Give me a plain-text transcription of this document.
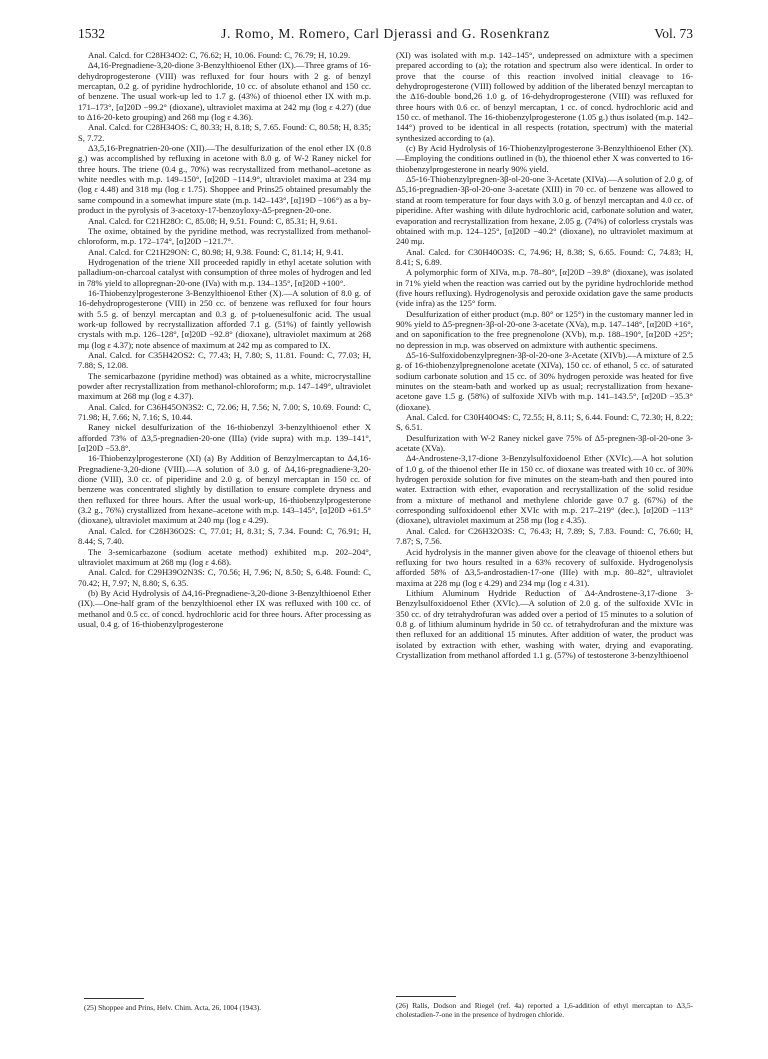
1532	J. Romo, M. Romero, Carl Djerassi and G. Rosenkranz	Vol. 73

Anal. Calcd. for C28H34O2: C, 76.62; H, 10.06. Found: C, 76.79; H, 10.29.

Δ4,16-Pregnadiene-3,20-dione 3-Benzylthioenol Ether (IX).—Three grams of 16-dehydroprogesterone (VIII) was refluxed for four hours with 2 g. of benzyl mercaptan, 0.2 g. of pyridine hydrochloride, 10 cc. of absolute ethanol and 150 cc. of benzene. The usual work-up led to 1.7 g. (43%) of thioenol ether IX with m.p. 171–173°, [α]20D −99.2° (dioxane), ultraviolet maxima at 242 mμ (log ε 4.27) (due to Δ16-20-keto grouping) and 268 mμ (log ε 4.36).

Anal. Calcd. for C28H34OS: C, 80.33; H, 8.18; S, 7.65. Found: C, 80.58; H, 8.35; S, 7.72.

Δ3,5,16-Pregnatrien-20-one (XII).—The desulfurization of the enol ether IX (0.8 g.) was accomplished by refluxing in acetone with 8.0 g. of W-2 Raney nickel for three hours. The triene (0.4 g., 70%) was recrystallized from methanol–acetone as white needles with m.p. 149–150°, [α]20D −114.9°, ultraviolet maxima at 234 mμ (log ε 4.48) and 318 mμ (log ε 1.75). Shoppee and Prins25 obtained presumably the same compound in a somewhat impure state (m.p. 142–143°, [α]19D −106°) as a by-product in the pyrolysis of 3-acetoxy-17-benzoyloxy-Δ5-pregnen-20-one.

Anal. Calcd. for C21H28O: C, 85.08; H, 9.51. Found: C, 85.31; H, 9.61.

The oxime, obtained by the pyridine method, was recrystallized from methanol-chloroform, m.p. 172–174°, [α]20D −121.7°.

Anal. Calcd. for C21H29ON: C, 80.98; H, 9.38. Found: C, 81.14; H, 9.41.

Hydrogenation of the triene XII proceeded rapidly in ethyl acetate solution with palladium-on-charcoal catalyst with consumption of three moles of hydrogen and led in 78% yield to allopregnan-20-one (IVa) with m.p. 134–135°, [α]20D +100°.

16-Thiobenzylprogesterone 3-Benzylthioenol Ether (X).—A solution of 8.0 g. of 16-dehydroprogesterone (VIII) in 250 cc. of benzene was refluxed for four hours with 5.5 g. of benzyl mercaptan and 0.3 g. of p-toluenesulfonic acid. The usual work-up followed by recrystallization afforded 7.1 g. (51%) of faintly yellowish crystals with m.p. 126–128°, [α]20D −92.8° (dioxane), ultraviolet maximum at 268 mμ (log ε 4.37); note absence of maximum at 242 mμ as compared to IX.

Anal. Calcd. for C35H42OS2: C, 77.43; H, 7.80; S, 11.81. Found: C, 77.03; H, 7.88; S, 12.08.

The semicarbazone (pyridine method) was obtained as a white, microcrystalline powder after recrystallization from methanol-chloroform; m.p. 147–149°, ultraviolet maximum at 268 mμ (log ε 4.37).

Anal. Calcd. for C36H45ON3S2: C, 72.06; H, 7.56; N, 7.00; S, 10.69. Found: C, 71.98; H, 7.66; N, 7.16; S, 10.44.

Raney nickel desulfurization of the 16-thiobenzyl 3-benzylthioenol ether X afforded 73% of Δ3,5-pregnadien-20-one (IIIa) (vide supra) with m.p. 139–141°, [α]20D −53.8°.

16-Thiobenzylprogesterone (XI) (a) By Addition of Benzylmercaptan to Δ4,16-Pregnadiene-3,20-dione (VIII).—A solution of 3.0 g. of Δ4,16-pregnadiene-3,20-dione (VIII), 3.0 cc. of piperidine and 2.0 g. of benzyl mercaptan in 150 cc. of benzene was concentrated slightly by distillation to ensure complete dryness and then refluxed for three hours. After the usual work-up, 16-thiobenzylprogesterone (3.2 g., 76%) crystallized from hexane–acetone with m.p. 143–145°, [α]20D +61.5° (dioxane), ultraviolet maximum at 240 mμ (log ε 4.29).

Anal. Calcd. for C28H36O2S: C, 77.01; H, 8.31; S, 7.34. Found: C, 76.91; H, 8.44; S, 7.40.

The 3-semicarbazone (sodium acetate method) exhibited m.p. 202–204°, ultraviolet maximum at 268 mμ (log ε 4.68).

Anal. Calcd. for C29H39O2N3S: C, 70.56; H, 7.96; N, 8.50; S, 6.48. Found: C, 70.42; H, 7.97; N, 8.80; S, 6.35.

(b) By Acid Hydrolysis of Δ4,16-Pregnadiene-3,20-dione 3-Benzylthioenol Ether (IX).—One-half gram of the benzylthioenol ether IX was refluxed with 100 cc. of methanol and 0.5 cc. of concd. hydrochloric acid for three hours. After processing as usual, 0.4 g. of 16-thiobenzylprogesterone

(XI) was isolated with m.p. 142–145°, undepressed on admixture with a specimen prepared according to (a); the rotation and spectrum also were identical. In order to prove that the course of this reaction involved initial cleavage to 16-dehydroprogesterone (VIII) followed by addition of the liberated benzyl mercaptan to the Δ16-double bond,26 1.0 g. of 16-dehydroprogesterone (VIII) was refluxed for three hours with 0.6 cc. of benzyl mercaptan, 1 cc. of concd. hydrochloric acid and 150 cc. of methanol. The 16-thiobenzylprogesterone (1.05 g.) thus isolated (m.p. 142–144°) proved to be identical in all respects (rotation, spectrum) with the material synthesized according to (a).

(c) By Acid Hydrolysis of 16-Thiobenzylprogesterone 3-Benzylthioenol Ether (X).—Employing the conditions outlined in (b), the thioenol ether X was converted to 16-thiobenzylprogesterone in nearly 90% yield.

Δ5-16-Thiobenzylpregnen-3β-ol-20-one 3-Acetate (XIVa).—A solution of 2.0 g. of Δ5,16-pregnadien-3β-ol-20-one 3-acetate (XIII) in 70 cc. of benzene was allowed to stand at room temperature for four days with 3.0 g. of benzyl mercaptan and 4.0 cc. of piperidine. After washing with dilute hydrochloric acid, carbonate solution and water, evaporation and recrystallization from hexane, 2.05 g. (74%) of colorless crystals was obtained with m.p. 124–125°, [α]20D −40.2° (dioxane), no ultraviolet maximum at 240 mμ.

Anal. Calcd. for C30H40O3S: C, 74.96; H, 8.38; S, 6.65. Found: C, 74.83; H, 8.41; S, 6.89.

A polymorphic form of XIVa, m.p. 78–80°, [α]20D −39.8° (dioxane), was isolated in 71% yield when the reaction was carried out by the pyridine hydrochloride method (five hours refluxing). Hydrogenolysis and peroxide oxidation gave the same products (vide infra) as the 125° form.

Desulfurization of either product (m.p. 80° or 125°) in the customary manner led in 90% yield to Δ5-pregnen-3β-ol-20-one 3-acetate (XVa), m.p. 147–148°, [α]20D +16°, and on saponification to the free pregnenolone (XVb), m.p. 188–190°, [α]20D +25°; no depression in m.p. was observed on admixture with authentic specimens.

Δ5-16-Sulfoxidobenzylpregnen-3β-ol-20-one 3-Acetate (XIVb).—A mixture of 2.5 g. of 16-thiobenzylpregnenolone acetate (XIVa), 150 cc. of ethanol, 5 cc. of saturated sodium carbonate solution and 15 cc. of 30% hydrogen peroxide was heated for five minutes on the steam-bath and worked up as usual; recrystallization from hexane-acetone gave 1.5 g. (58%) of sulfoxide XIVb with m.p. 141–143.5°, [α]20D −35.3° (dioxane).

Anal. Calcd. for C30H40O4S: C, 72.55; H, 8.11; S, 6.44. Found: C, 72.30; H, 8.22; S, 6.51.

Desulfurization with W-2 Raney nickel gave 75% of Δ5-pregnen-3β-ol-20-one 3-acetate (XVa).

Δ4-Androstene-3,17-dione 3-Benzylsulfoxidoenol Ether (XVIc).—A hot solution of 1.0 g. of the thioenol ether IIe in 150 cc. of dioxane was treated with 10 cc. of 30% hydrogen peroxide solution for five minutes on the steam-bath and then poured into water. Extraction with ether, evaporation and recrystallization of the solid residue from a mixture of methanol and methylene chloride gave 0.7 g. (67%) of the corresponding sulfoxidoenol ether XVIc with m.p. 217–219° (dec.), [α]20D −113° (dioxane), ultraviolet maximum at 258 mμ (log ε 4.35).

Anal. Calcd. for C26H32O3S: C, 76.43; H, 7.89; S, 7.83. Found: C, 76.60; H, 7.87; S, 7.56.

Acid hydrolysis in the manner given above for the cleavage of thioenol ethers but refluxing for two hours resulted in a 63% recovery of sulfoxide. Hydrogenolysis afforded 58% of Δ3,5-androstadien-17-one (IIIe) with m.p. 80–82°, ultraviolet maxima at 228 mμ (log ε 4.29) and 234 mμ (log ε 4.31).

Lithium Aluminum Hydride Reduction of Δ4-Androstene-3,17-dione 3-Benzylsulfoxidoenol Ether (XVIc).—A solution of 2.0 g. of the sulfoxide XVIc in 350 cc. of dry tetrahydrofuran was added over a period of 15 minutes to a solution of 0.8 g. of lithium aluminum hydride in 50 cc. of tetrahydrofuran and the mixture was then refluxed for an additional 15 minutes. After addition of water, the product was isolated by extraction with ether, washing with water, drying and evaporating. Crystallization from methanol afforded 1.1 g. (57%) of testosterone 3-benzylthioenol

(25) Shoppee and Prins, Helv. Chim. Acta, 26, 1004 (1943).	(26) Ralls, Dodson and Riegel (ref. 4a) reported a 1,6-addition of ethyl mercaptan to Δ3,5-cholestadien-7-one in the presence of hydrogen chloride.
